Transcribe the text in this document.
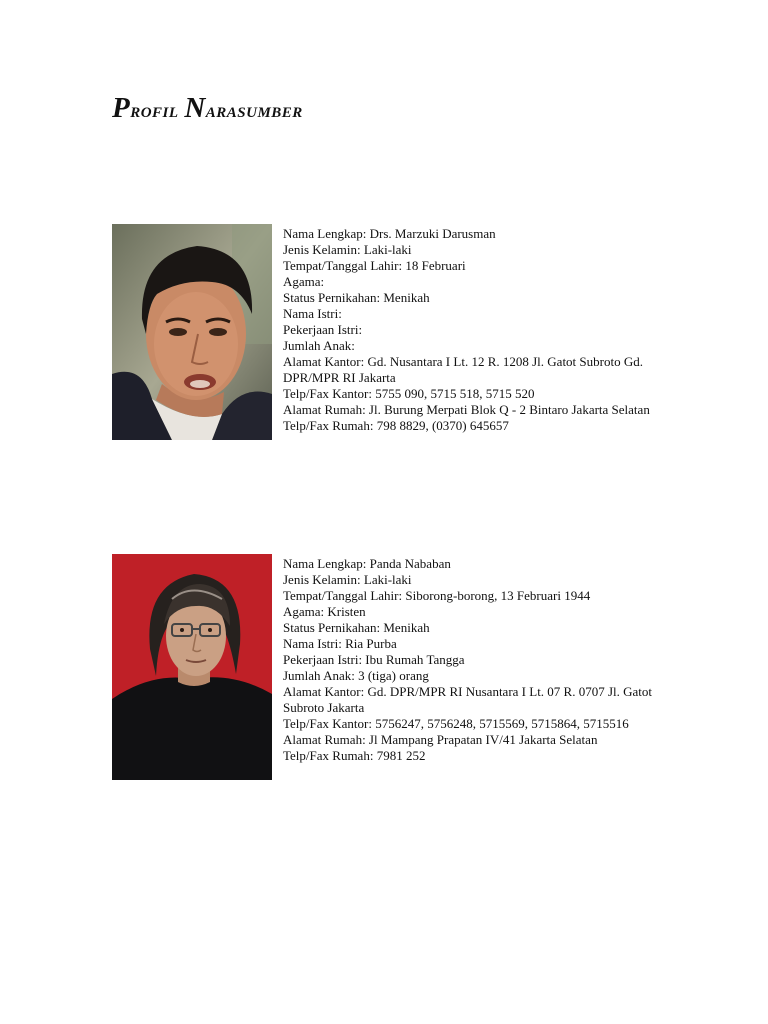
Profil Narasumber
Nama Lengkap: Drs. Marzuki Darusman
Jenis Kelamin: Laki-laki
Tempat/Tanggal Lahir: 18 Februari
Agama:
Status Pernikahan: Menikah
Nama Istri:
Pekerjaan Istri:
Jumlah Anak:
Alamat Kantor: Gd. Nusantara I Lt. 12 R. 1208 Jl. Gatot Subroto Gd. DPR/MPR RI Jakarta
Telp/Fax Kantor: 5755 090, 5715 518, 5715 520
Alamat Rumah: Jl. Burung Merpati Blok Q - 2 Bintaro Jakarta Selatan
Telp/Fax Rumah: 798 8829, (0370) 645657
Nama Lengkap: Panda Nababan
Jenis Kelamin: Laki-laki
Tempat/Tanggal Lahir: Siborong-borong, 13 Februari 1944
Agama: Kristen
Status Pernikahan: Menikah
Nama Istri: Ria Purba
Pekerjaan Istri: Ibu Rumah Tangga
Jumlah Anak: 3 (tiga) orang
Alamat Kantor: Gd. DPR/MPR RI Nusantara I Lt. 07 R. 0707 Jl. Gatot Subroto Jakarta
Telp/Fax Kantor: 5756247, 5756248, 5715569, 5715864, 5715516
Alamat Rumah: Jl Mampang Prapatan IV/41 Jakarta Selatan
Telp/Fax Rumah: 7981 252
